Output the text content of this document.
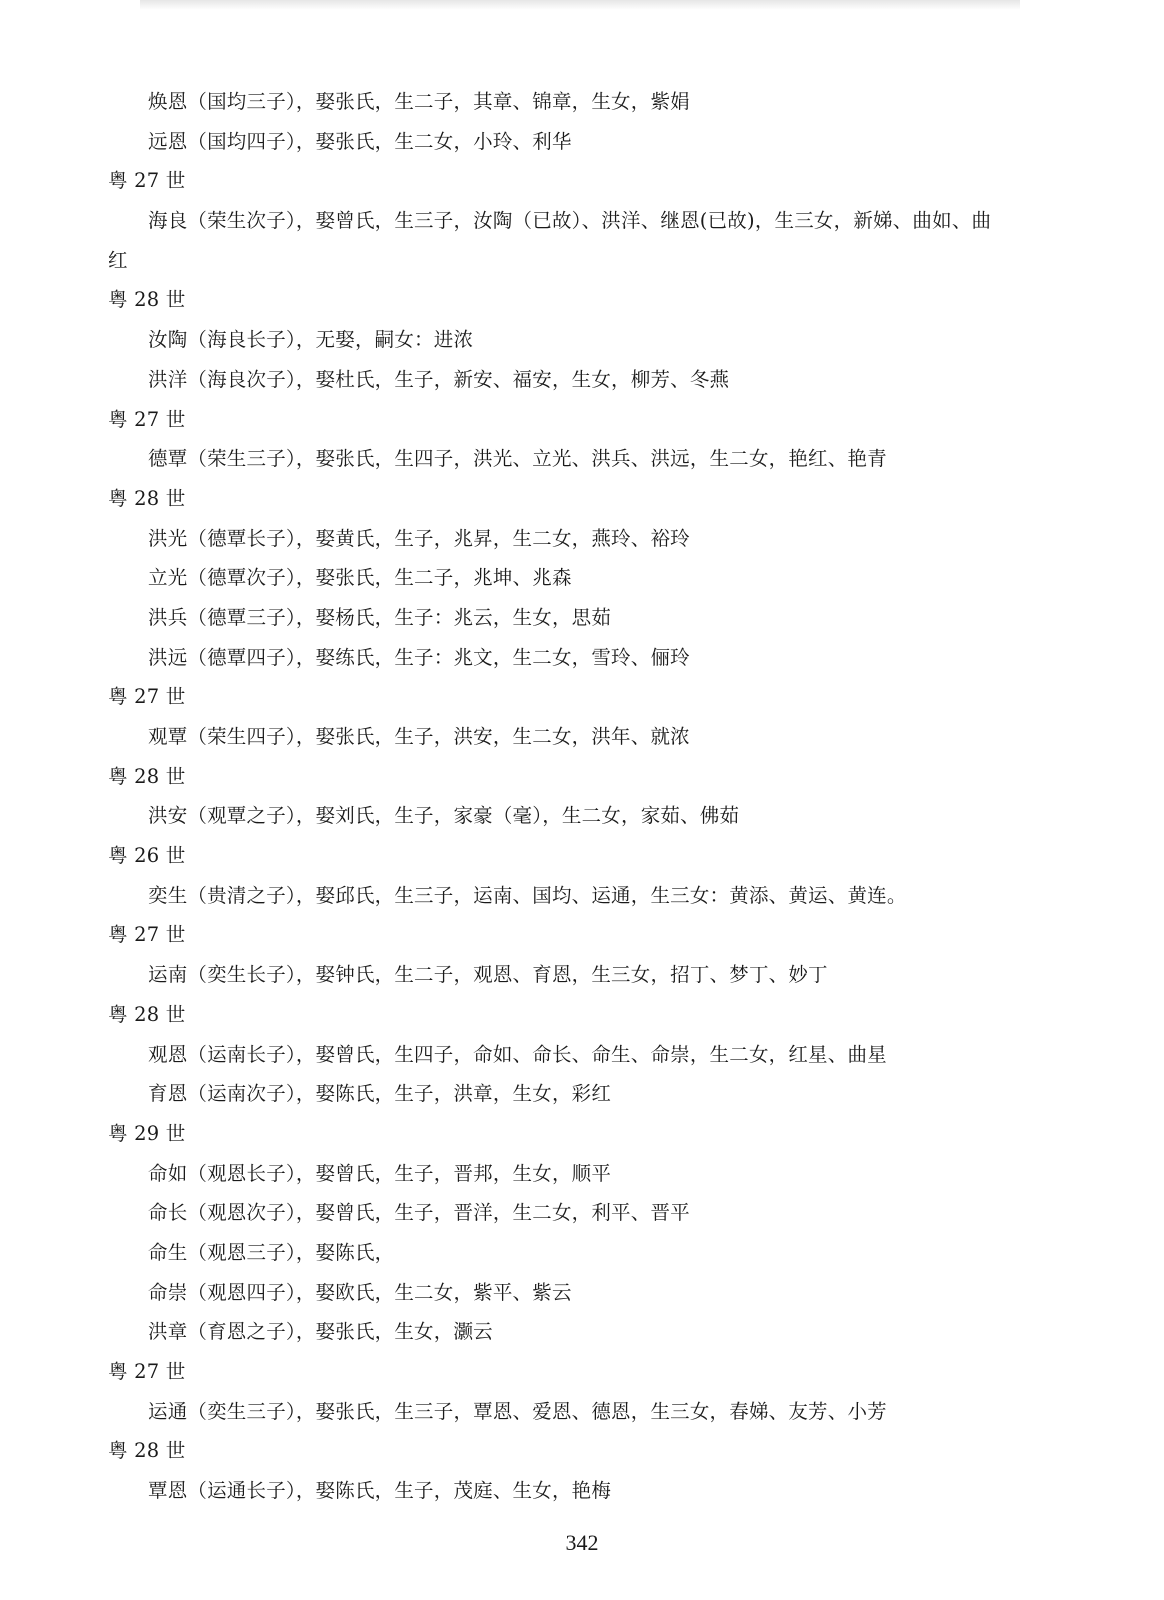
焕恩（国均三子），娶张氏，生二子，其章、锦章，生女，紫娟
远恩（国均四子），娶张氏，生二女，小玲、利华
粤 27 世
海良（荣生次子），娶曾氏，生三子，汝陶（已故）、洪洋、继恩(已故)，生三女，新娣、曲如、曲
红
粤 28 世
汝陶（海良长子），无娶，嗣女：进浓
洪洋（海良次子），娶杜氏，生子，新安、福安，生女，柳芳、冬燕
粤 27 世
德覃（荣生三子），娶张氏，生四子，洪光、立光、洪兵、洪远，生二女，艳红、艳青
粤 28 世
洪光（德覃长子），娶黄氏，生子，兆昇，生二女，燕玲、裕玲
立光（德覃次子），娶张氏，生二子，兆坤、兆森
洪兵（德覃三子），娶杨氏，生子：兆云，生女，思茹
洪远（德覃四子），娶练氏，生子：兆文，生二女，雪玲、俪玲
粤 27 世
观覃（荣生四子），娶张氏，生子，洪安，生二女，洪年、就浓
粤 28 世
洪安（观覃之子），娶刘氏，生子，家豪（毫），生二女，家茹、佛茹
粤 26 世
奕生（贵清之子），娶邱氏，生三子，运南、国均、运通，生三女：黄添、黄运、黄连。
粤 27 世
运南（奕生长子），娶钟氏，生二子，观恩、育恩，生三女，招丁、梦丁、妙丁
粤 28 世
观恩（运南长子），娶曾氏，生四子，命如、命长、命生、命崇，生二女，红星、曲星
育恩（运南次子），娶陈氏，生子，洪章，生女，彩红
粤 29 世
命如（观恩长子），娶曾氏，生子，晋邦，生女，顺平
命长（观恩次子），娶曾氏，生子，晋洋，生二女，利平、晋平
命生（观恩三子），娶陈氏，
命崇（观恩四子），娶欧氏，生二女，紫平、紫云
洪章（育恩之子），娶张氏，生女，灏云
粤 27 世
运通（奕生三子），娶张氏，生三子，覃恩、爱恩、德恩，生三女，春娣、友芳、小芳
粤 28 世
覃恩（运通长子），娶陈氏，生子，茂庭、生女，艳梅
342
